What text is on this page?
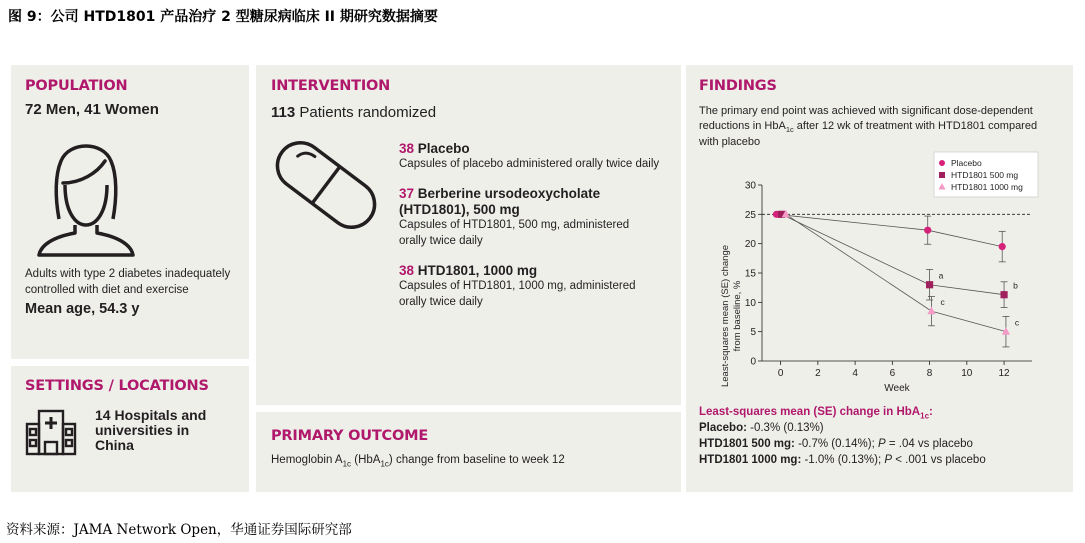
图 9：公司 HTD1801 产品治疗 2 型糖尿病临床 II 期研究数据摘要
POPULATION
72 Men, 41 Women
Adults with type 2 diabetes inadequately
controlled with diet and exercise
Mean age, 54.3 y
SETTINGS / LOCATIONS
14 Hospitals and
universities in
China
INTERVENTION
113 Patients randomized
38 Placebo
Capsules of placebo administered orally twice daily
37 Berberine ursodeoxycholate
(HTD1801), 500 mg
Capsules of HTD1801, 500 mg, administered
orally twice daily
38 HTD1801, 1000 mg
Capsules of HTD1801, 1000 mg, administered
orally twice daily
PRIMARY OUTCOME
Hemoglobin $A_{1c}$ (HbA$_{1c}$) change from baseline to week 12
FINDINGS
The primary end point was achieved with significant dose-dependent
reductions in HbA$_{1c}$ after 12 wk of treatment with HTD1801 compared
with placebo
0
5
10
15
20
25
30
0	2	4	6	8	10	12
a
b
c
c
Placebo
HTD1801 500 mg
HTD1801 1000 mg
Least-squares mean (SE) change from baseline, %
Week
Least-squares mean (SE) change in HbA$_{1c}$:
Placebo: -0.3% (0.13%)
HTD1801 500 mg: -0.7% (0.14%); P = .04 vs placebo
HTD1801 1000 mg: -1.0% (0.13%); P < .001 vs placebo
资料来源：JAMA Network Open，华通证券国际研究部
